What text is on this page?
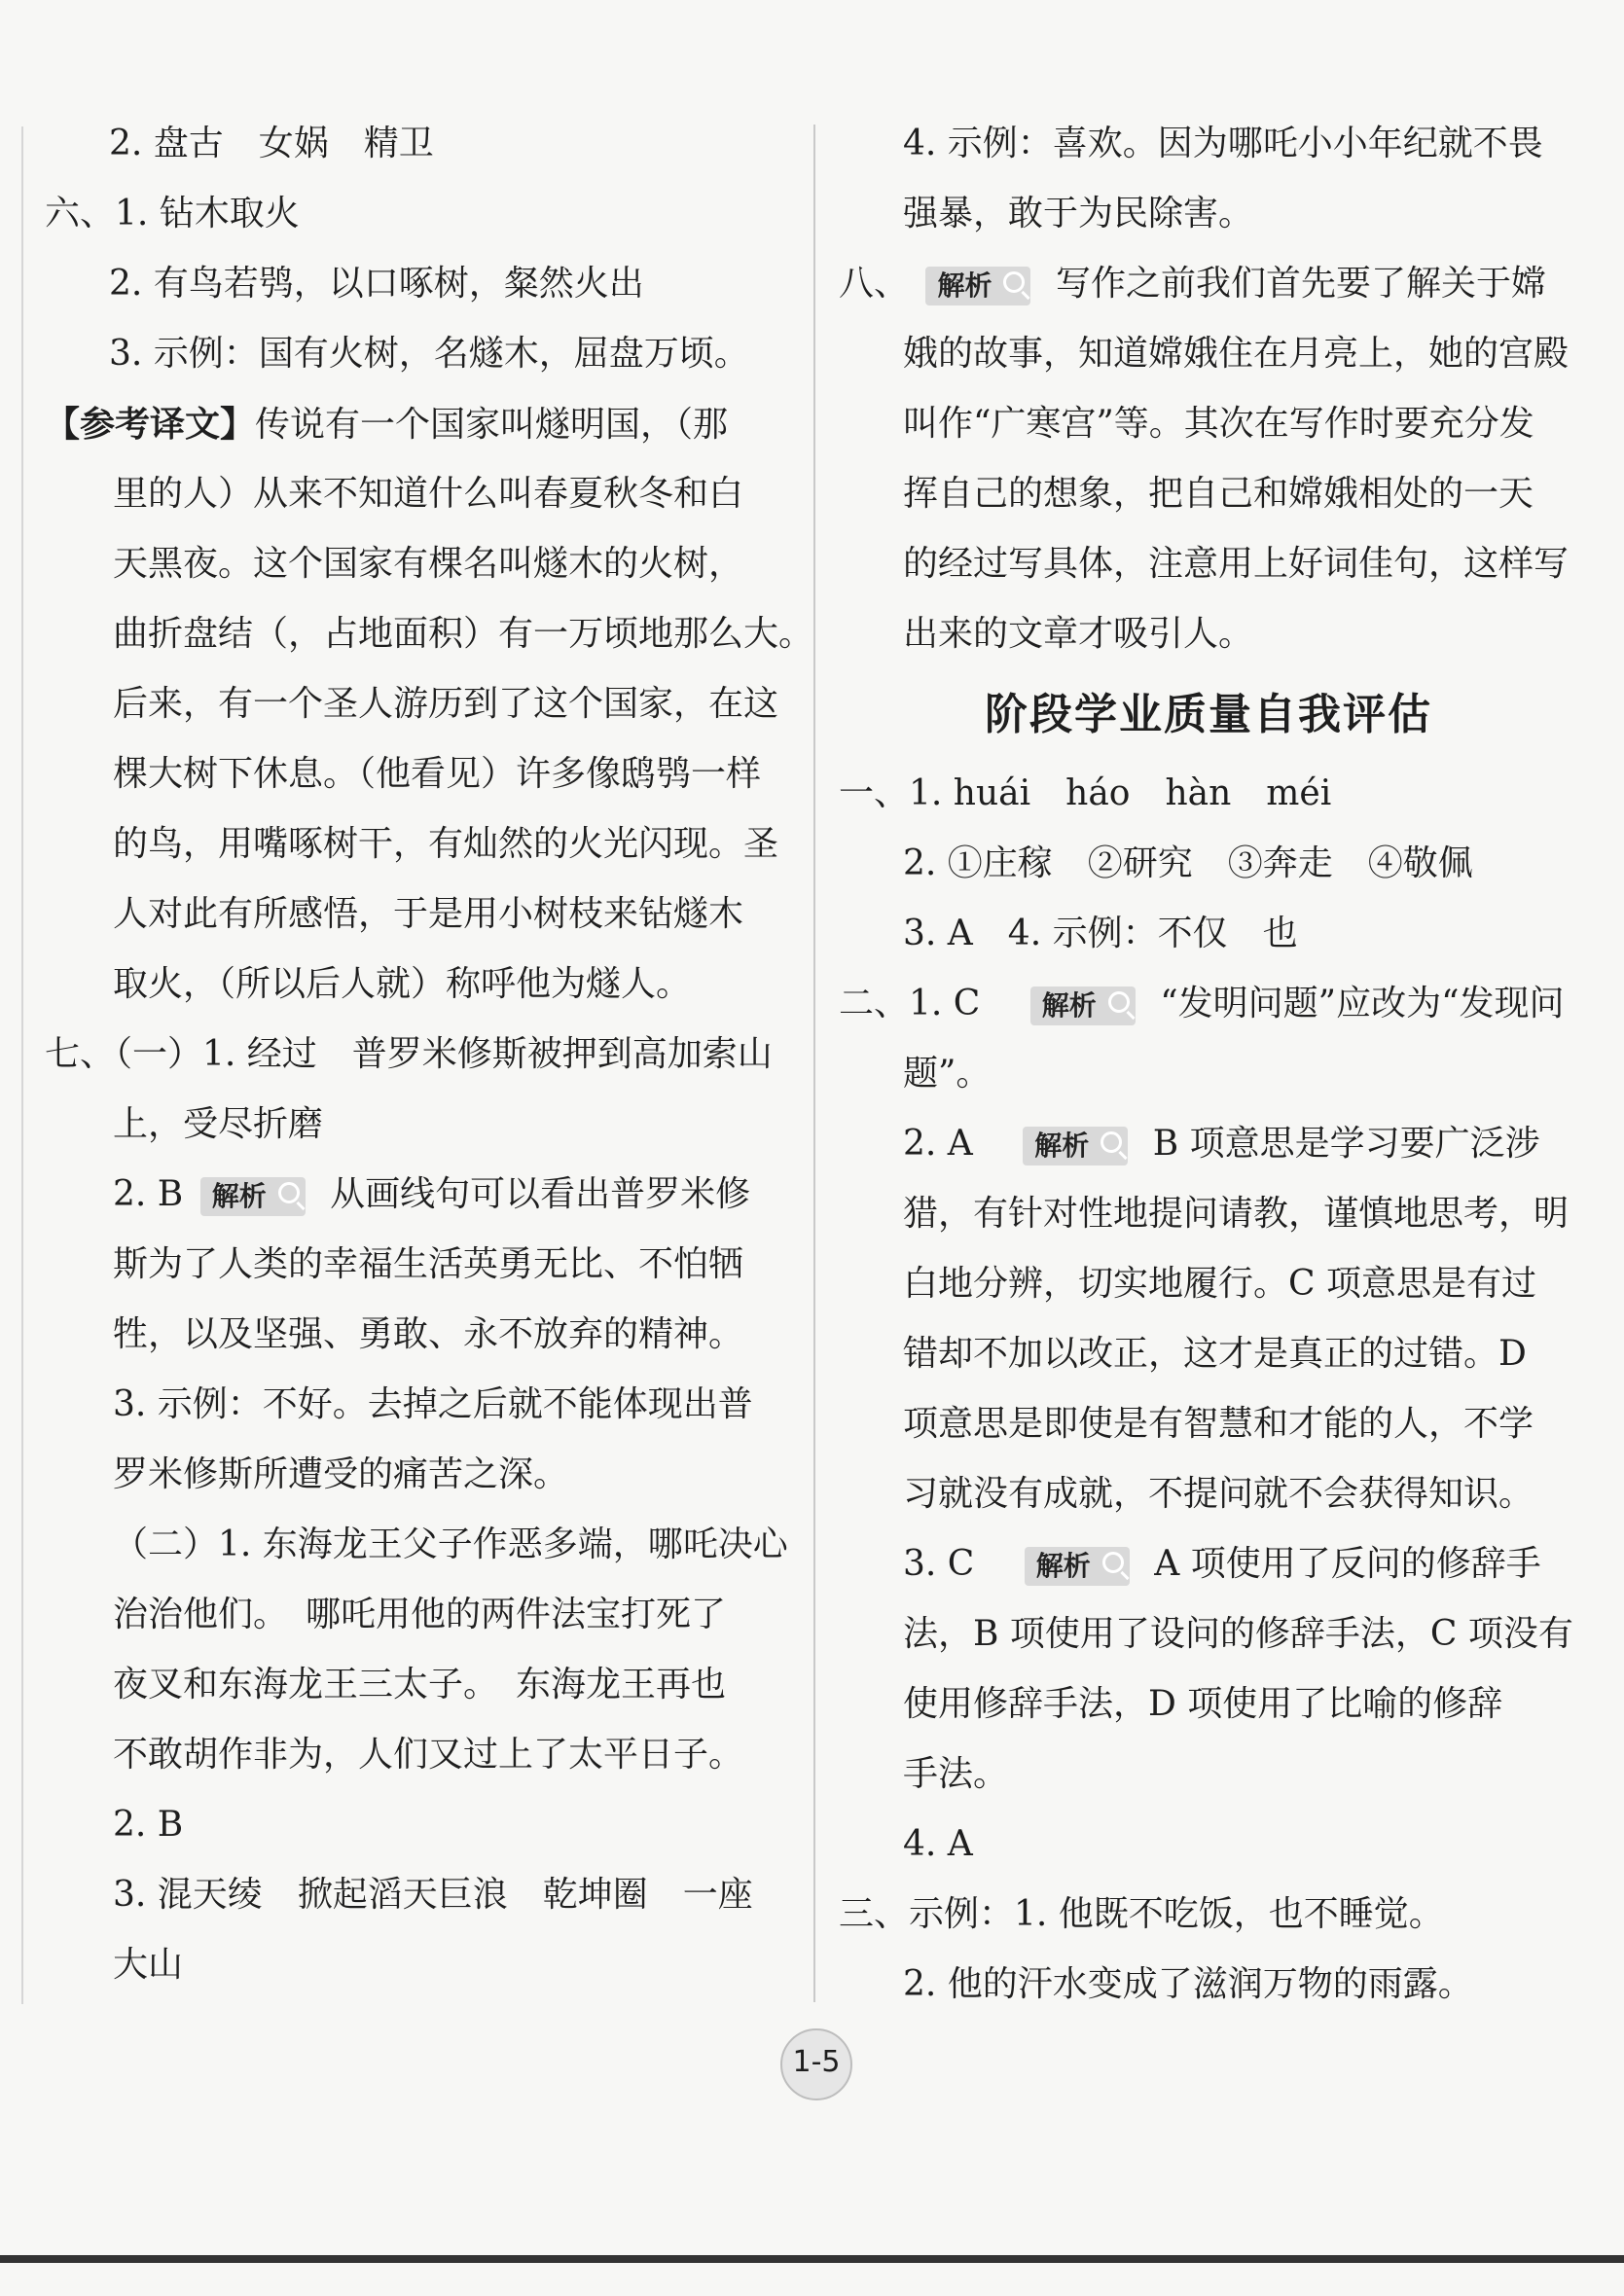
2. 盘古　女娲　精卫
六、1. 钻木取火
2. 有鸟若鸮，以口啄树，粲然火出
3. 示例：国有火树，名燧木，屈盘万顷。
【参考译文】传说有一个国家叫燧明国，（那
里的人）从来不知道什么叫春夏秋冬和白
天黑夜。这个国家有棵名叫燧木的火树，
曲折盘结（，占地面积）有一万顷地那么大。
后来，有一个圣人游历到了这个国家，在这
棵大树下休息。（他看见）许多像鸱鸮一样
的鸟，用嘴啄树干，有灿然的火光闪现。圣
人对此有所感悟，于是用小树枝来钻燧木
取火，（所以后人就）称呼他为燧人。
七、（一）1. 经过　普罗米修斯被押到高加索山
上，受尽折磨
2. B 解析 从画线句可以看出普罗米修
斯为了人类的幸福生活英勇无比、不怕牺
牲，以及坚强、勇敢、永不放弃的精神。
3. 示例：不好。去掉之后就不能体现出普
罗米修斯所遭受的痛苦之深。
（二）1. 东海龙王父子作恶多端，哪吒决心
治治他们。　哪吒用他的两件法宝打死了
夜叉和东海龙王三太子。　东海龙王再也
不敢胡作非为，人们又过上了太平日子。
2. B
3. 混天绫　掀起滔天巨浪　乾坤圈　一座
大山
4. 示例：喜欢。因为哪吒小小年纪就不畏
强暴，敢于为民除害。
八、 解析 写作之前我们首先要了解关于嫦
娥的故事，知道嫦娥住在月亮上，她的宫殿
叫作“广寒宫”等。其次在写作时要充分发
挥自己的想象，把自己和嫦娥相处的一天
的经过写具体，注意用上好词佳句，这样写
出来的文章才吸引人。
阶段学业质量自我评估
一、1. huái　háo　hàn　méi
2. ①庄稼　②研究　③奔走　④敬佩
3. A　4. 示例：不仅　也
二、1. C 解析 “发明问题”应改为“发现问
题”。
2. A 解析 B 项意思是学习要广泛涉
猎，有针对性地提问请教，谨慎地思考，明
白地分辨，切实地履行。C 项意思是有过
错却不加以改正，这才是真正的过错。D
项意思是即使是有智慧和才能的人，不学
习就没有成就，不提问就不会获得知识。
3. C 解析 A 项使用了反问的修辞手
法，B 项使用了设问的修辞手法，C 项没有
使用修辞手法，D 项使用了比喻的修辞
手法。
4. A
三、示例：1. 他既不吃饭，也不睡觉。
2. 他的汗水变成了滋润万物的雨露。
1-5
